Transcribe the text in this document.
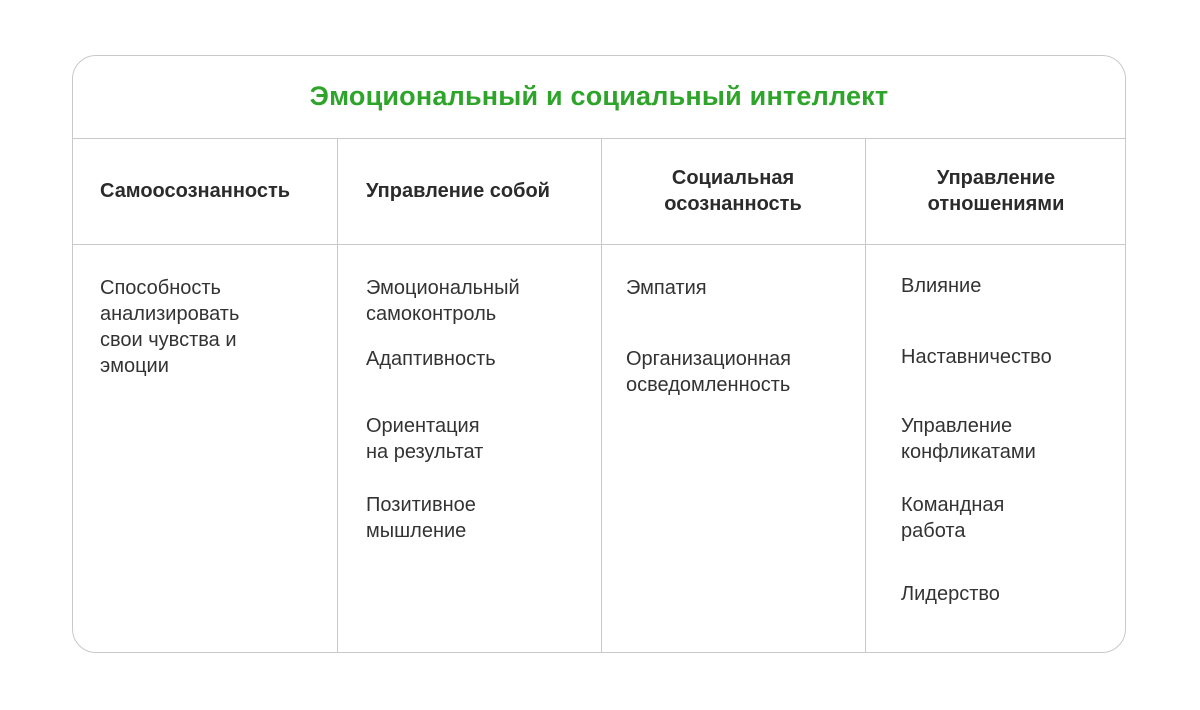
Эмоциональный и социальный интеллект
Самоосознанность	Управление собой
Социальная
осознанность
Управление
отношениями
Способность
анализировать
свои чувства и
эмоции
Эмоциональный
самоконтроль
Адаптивность
Ориентация
на результат
Позитивное
мышление
Эмпатия
Организационная
осведомленность
Влияние
Наставничество
Управление
конфликатами
Командная
работа
Лидерство
